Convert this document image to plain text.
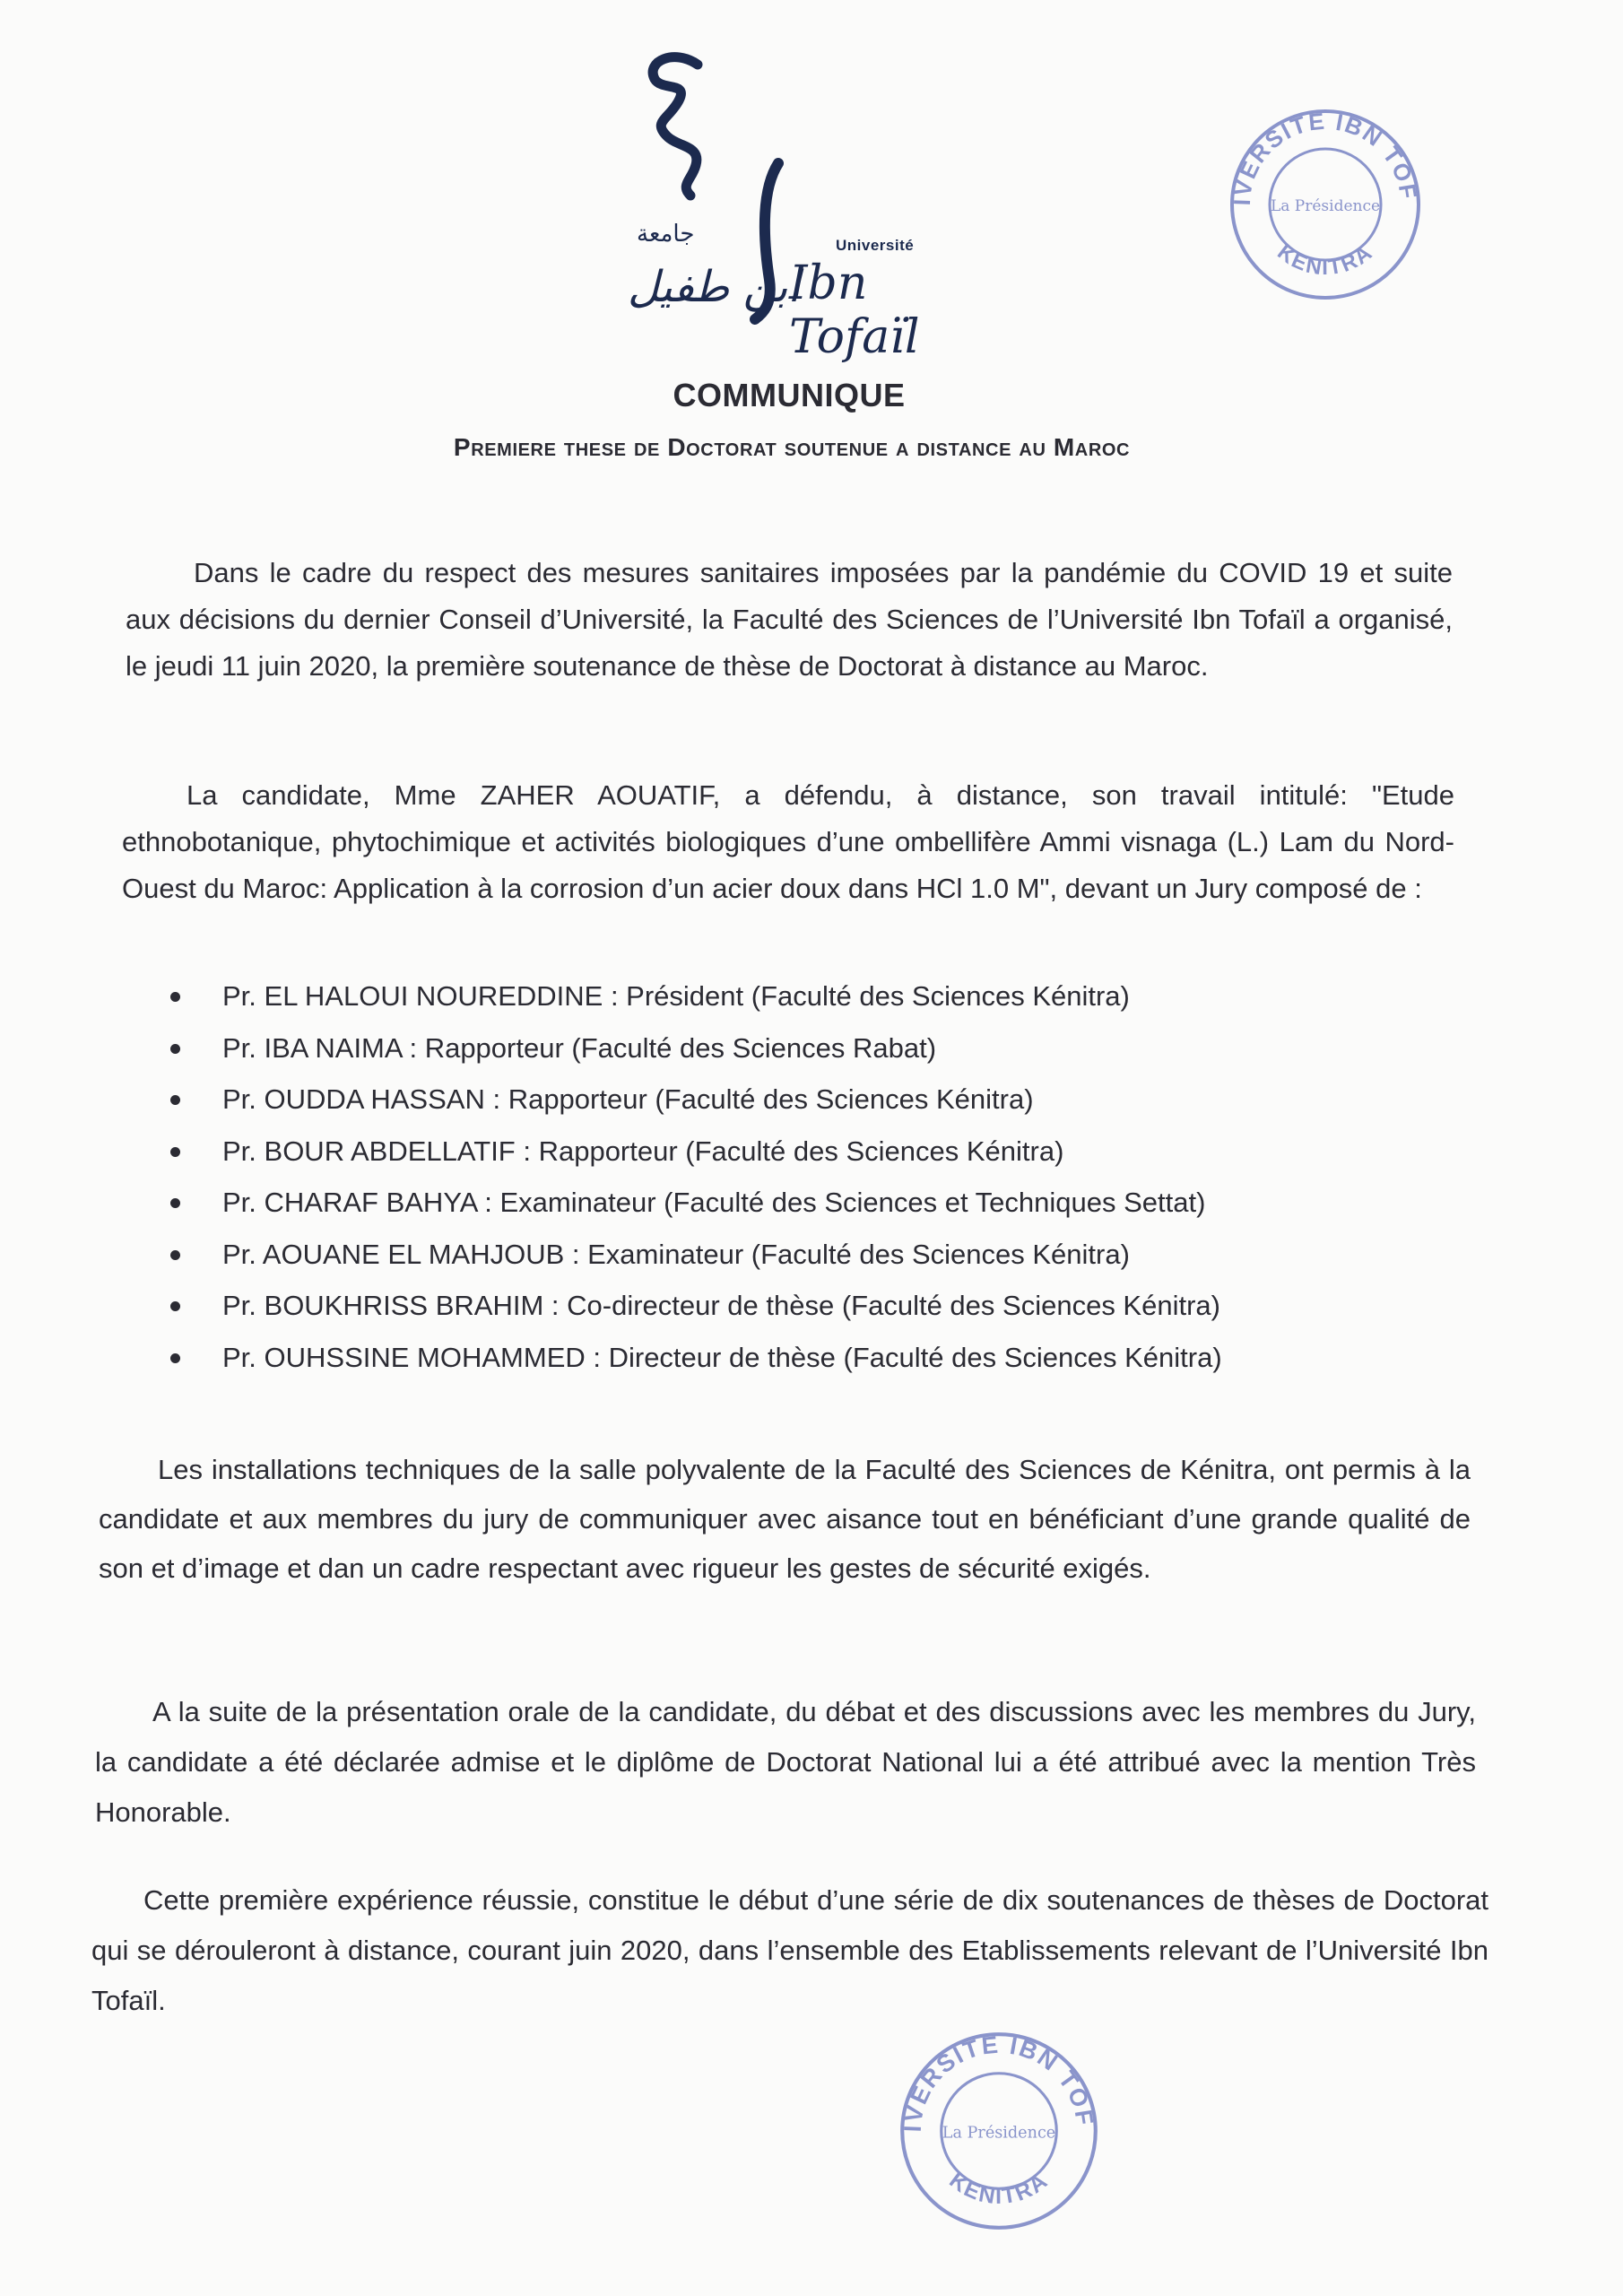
جامعة	Université
ابن طفيل
Ibn Tofaïl
IVERSITE IBN TOF
KENITRA
La Présidence
COMMUNIQUE
Premiere these de Doctorat soutenue a distance au Maroc

Dans le cadre du respect des mesures sanitaires imposées par la pandémie du COVID 19 et suite aux décisions du dernier Conseil d’Université, la Faculté des Sciences de l’Université Ibn Tofaïl a organisé, le jeudi 11 juin 2020, la première soutenance de thèse de Doctorat à distance au Maroc.

La candidate, Mme ZAHER AOUATIF, a défendu, à distance, son travail intitulé: "Etude ethnobotanique, phytochimique et activités biologiques d’une ombellifère Ammi visnaga (L.) Lam du Nord-Ouest du Maroc: Application à la corrosion d’un acier doux dans HCl 1.0 M", devant un Jury composé de :

Pr. EL HALOUI NOUREDDINE : Président (Faculté des Sciences Kénitra)
Pr. IBA NAIMA : Rapporteur (Faculté des Sciences Rabat)
Pr. OUDDA HASSAN : Rapporteur (Faculté des Sciences Kénitra)
Pr. BOUR ABDELLATIF : Rapporteur (Faculté des Sciences Kénitra)
Pr. CHARAF BAHYA : Examinateur (Faculté des Sciences et Techniques Settat)
Pr. AOUANE EL MAHJOUB : Examinateur (Faculté des Sciences Kénitra)
Pr. BOUKHRISS BRAHIM : Co-directeur de thèse (Faculté des Sciences Kénitra)
Pr. OUHSSINE MOHAMMED : Directeur de thèse (Faculté des Sciences Kénitra)

Les installations techniques de la salle polyvalente de la Faculté des Sciences de Kénitra, ont permis à la candidate et aux membres du jury de communiquer avec aisance tout en bénéficiant d’une grande qualité de son et d’image et dan un cadre respectant avec rigueur les gestes de sécurité exigés.

A la suite de la présentation orale de la candidate, du débat et des discussions avec les membres du Jury, la candidate a été déclarée admise et le diplôme de Doctorat National lui a été attribué avec la mention Très Honorable.

Cette première expérience réussie, constitue le début d’une série de dix soutenances de thèses de Doctorat qui se dérouleront à distance, courant juin 2020, dans l’ensemble des Etablissements relevant de l’Université Ibn Tofaïl.

IVERSITE IBN TOF
KENITRA
La Présidence
